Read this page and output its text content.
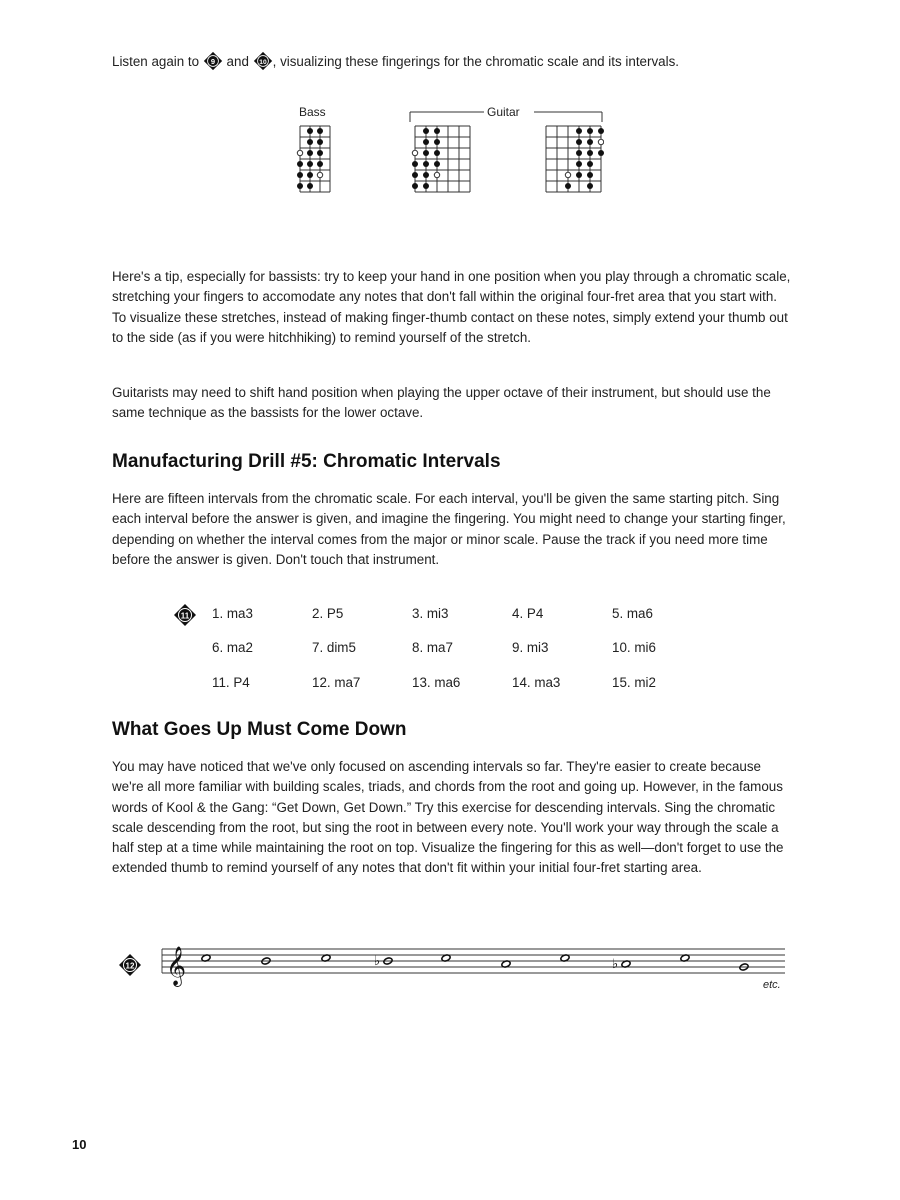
Listen again to 9 and 10 , visualizing these fingerings for the chromatic scale and its intervals.
Bass	Guitar

Here's a tip, especially for bassists: try to keep your hand in one position when you play through a chromatic scale, stretching your fingers to accomodate any notes that don't fall within the original four-fret area that you start with. To visualize these stretches, instead of making finger-thumb contact on these notes, simply extend your thumb out to the side (as if you were hitchhiking) to remind yourself of the stretch.

Guitarists may need to shift hand position when playing the upper octave of their instrument, but should use the same technique as the bassists for the lower octave.

Manufacturing Drill #5: Chromatic Intervals

Here are fifteen intervals from the chromatic scale. For each interval, you'll be given the same starting pitch. Sing each interval before the answer is given, and imagine the fingering. You might need to change your starting finger, depending on whether the interval comes from the major or minor scale. Pause the track if you need more time before the answer is given. Don't touch that instrument.

11 1. ma3	2. P5	3. mi3	4. P4	5. ma6
6. ma2	7. dim5	8. ma7	9. mi3	10. mi6
11. P4	12. ma7	13. ma6	14. ma3	15. mi2
What Goes Up Must Come Down

You may have noticed that we've only focused on ascending intervals so far. They're easier to create because we're all more familiar with building scales, triads, and chords from the root and going up. However, in the famous words of Kool & the Gang: “Get Down, Get Down.” Try this exercise for descending intervals. Sing the chromatic scale descending from the root, but sing the root in between every note. You'll work your way through the scale a half step at a time while maintaining the root on top. Visualize the fingering for this as well—don't forget to use the extended thumb to remind yourself of any notes that don't fit within your initial four-fret starting area.

12 𝄞	♭	♭
etc.
10
